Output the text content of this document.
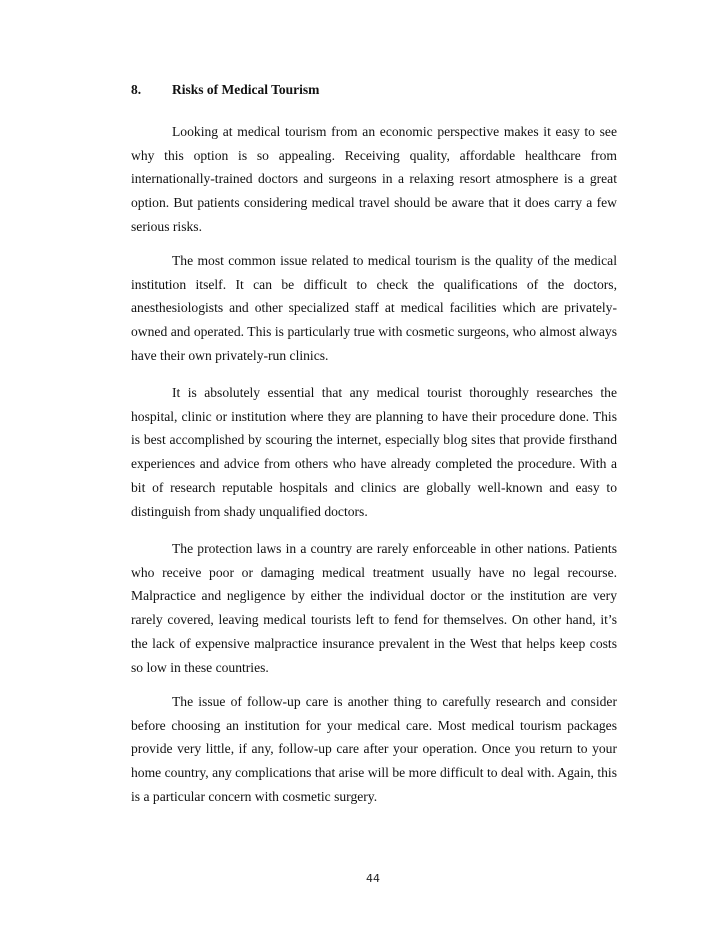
8. Risks of Medical Tourism

Looking at medical tourism from an economic perspective makes it easy to see why this option is so appealing. Receiving quality, affordable healthcare from internationally-trained doctors and surgeons in a relaxing resort atmosphere is a great option. But patients considering medical travel should be aware that it does carry a few serious risks.

The most common issue related to medical tourism is the quality of the medical institution itself. It can be difficult to check the qualifications of the doctors, anesthesiologists and other specialized staff at medical facilities which are privately-owned and operated. This is particularly true with cosmetic surgeons, who almost always have their own privately-run clinics.

It is absolutely essential that any medical tourist thoroughly researches the hospital, clinic or institution where they are planning to have their procedure done. This is best accomplished by scouring the internet, especially blog sites that provide firsthand experiences and advice from others who have already completed the procedure. With a bit of research reputable hospitals and clinics are globally well-known and easy to distinguish from shady unqualified doctors.

The protection laws in a country are rarely enforceable in other nations. Patients who receive poor or damaging medical treatment usually have no legal recourse. Malpractice and negligence by either the individual doctor or the institution are very rarely covered, leaving medical tourists left to fend for themselves. On other hand, it’s the lack of expensive malpractice insurance prevalent in the West that helps keep costs so low in these countries.

The issue of follow-up care is another thing to carefully research and consider before choosing an institution for your medical care. Most medical tourism packages provide very little, if any, follow-up care after your operation. Once you return to your home country, any complications that arise will be more difficult to deal with. Again, this is a particular concern with cosmetic surgery.

44
